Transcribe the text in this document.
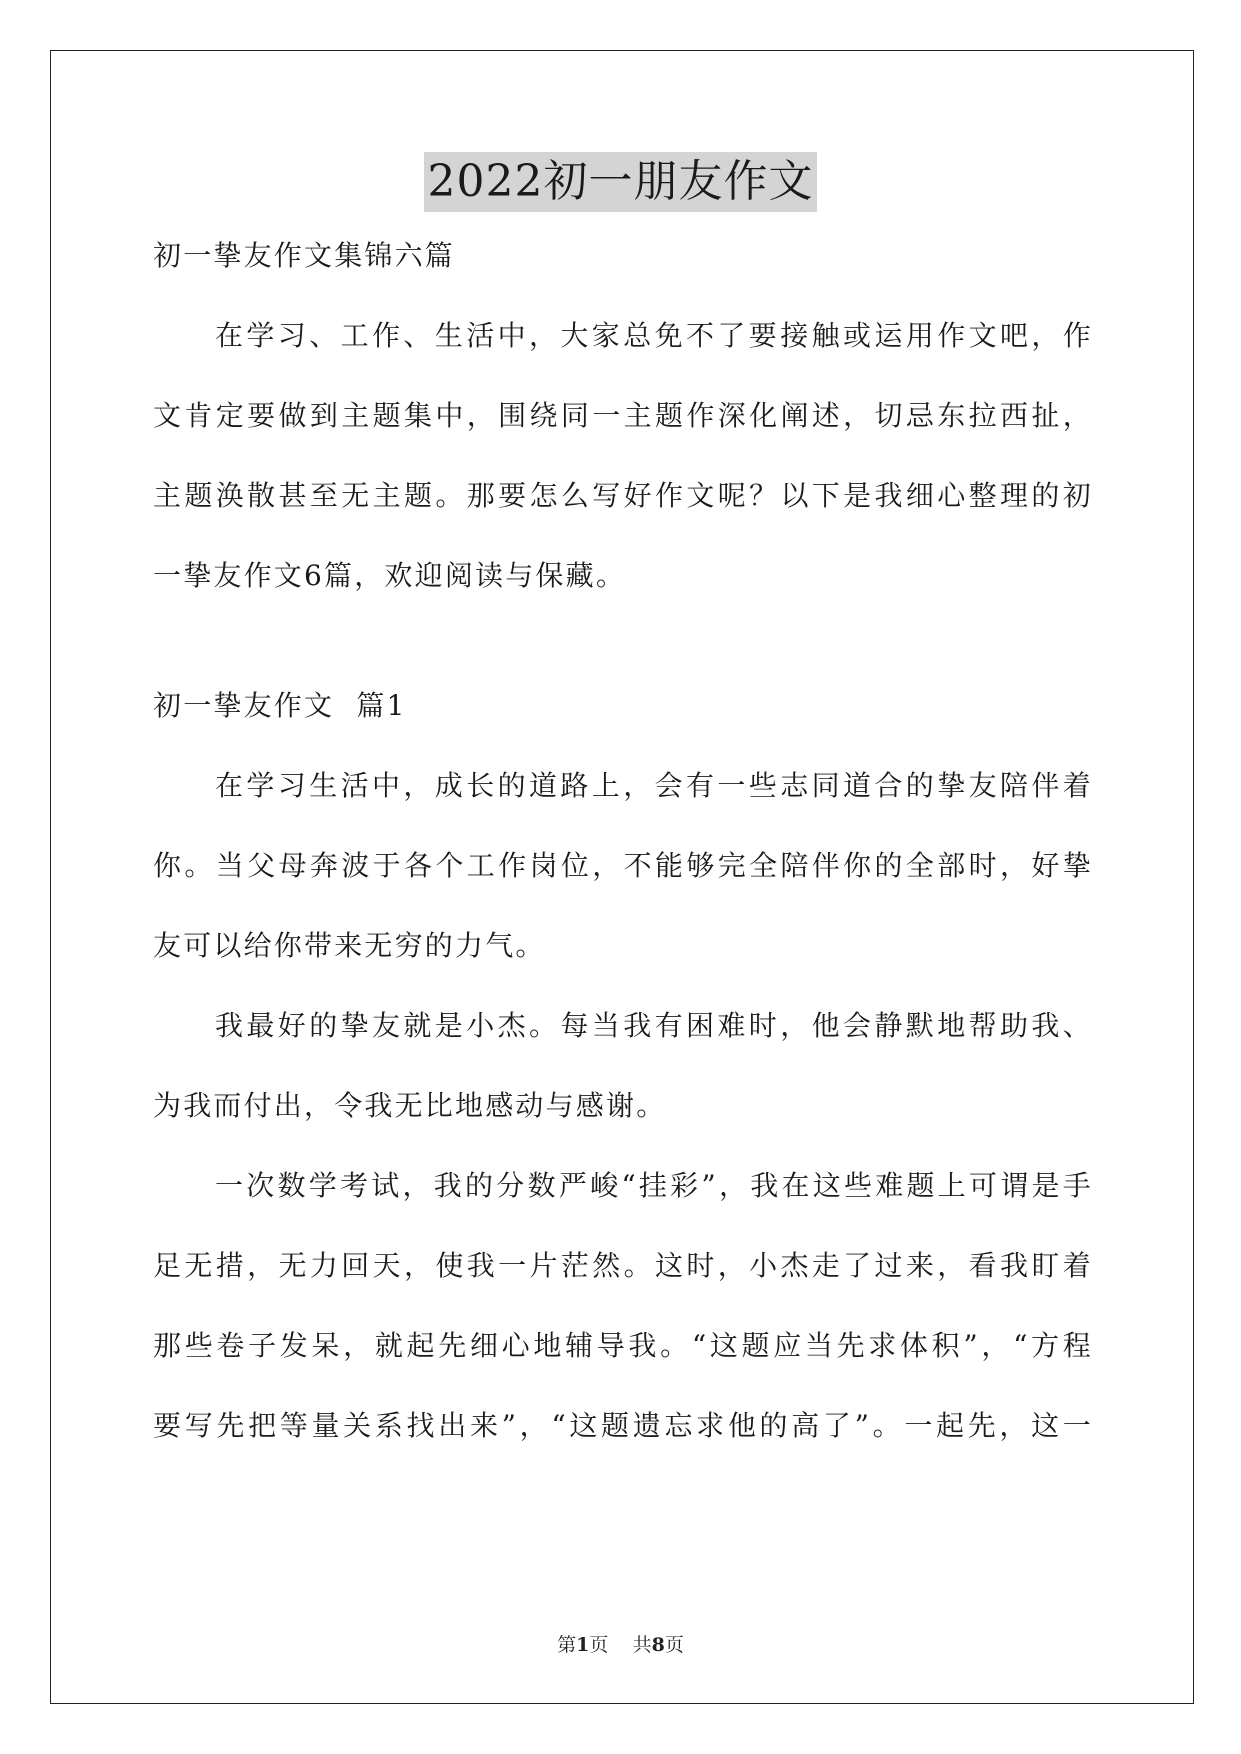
2022初一朋友作文
初一挚友作文集锦六篇
在学习、工作、生活中，大家总免不了要接触或运用作文吧，作
文肯定要做到主题集中，围绕同一主题作深化阐述，切忌东拉西扯，
主题涣散甚至无主题。那要怎么写好作文呢？以下是我细心整理的初
一挚友作文6篇，欢迎阅读与保藏。
初一挚友作文  篇1
在学习生活中，成长的道路上，会有一些志同道合的挚友陪伴着
你。当父母奔波于各个工作岗位，不能够完全陪伴你的全部时，好挚
友可以给你带来无穷的力气。
我最好的挚友就是小杰。每当我有困难时，他会静默地帮助我、
为我而付出，令我无比地感动与感谢。
一次数学考试，我的分数严峻“挂彩”，我在这些难题上可谓是手
足无措，无力回天，使我一片茫然。这时，小杰走了过来，看我盯着
那些卷子发呆，就起先细心地辅导我。“这题应当先求体积”，“方程
要写先把等量关系找出来”，“这题遗忘求他的高了”。一起先，这一
第1页 共8页
